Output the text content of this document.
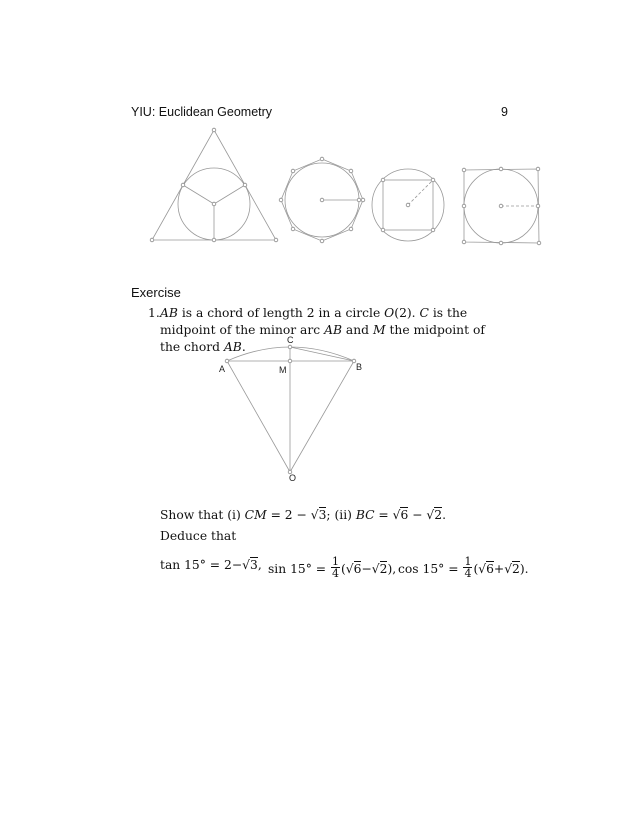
YIU: Euclidean Geometry	9
A	B
C
M
O
Exercise
1. AB is a chord of length 2 in a circle O(2). C is the midpoint of the minor arc AB and M the midpoint of the chord AB.
Show that (i) CM = 2 − √3; (ii) BC = √6 − √2.
Deduce that
tan 15° = 2−√3, $\sin 15^\circ = \frac{1}{4} (√6-√2)$, $\cos 15^\circ = \frac{1}{4} (√6+√2)$.
